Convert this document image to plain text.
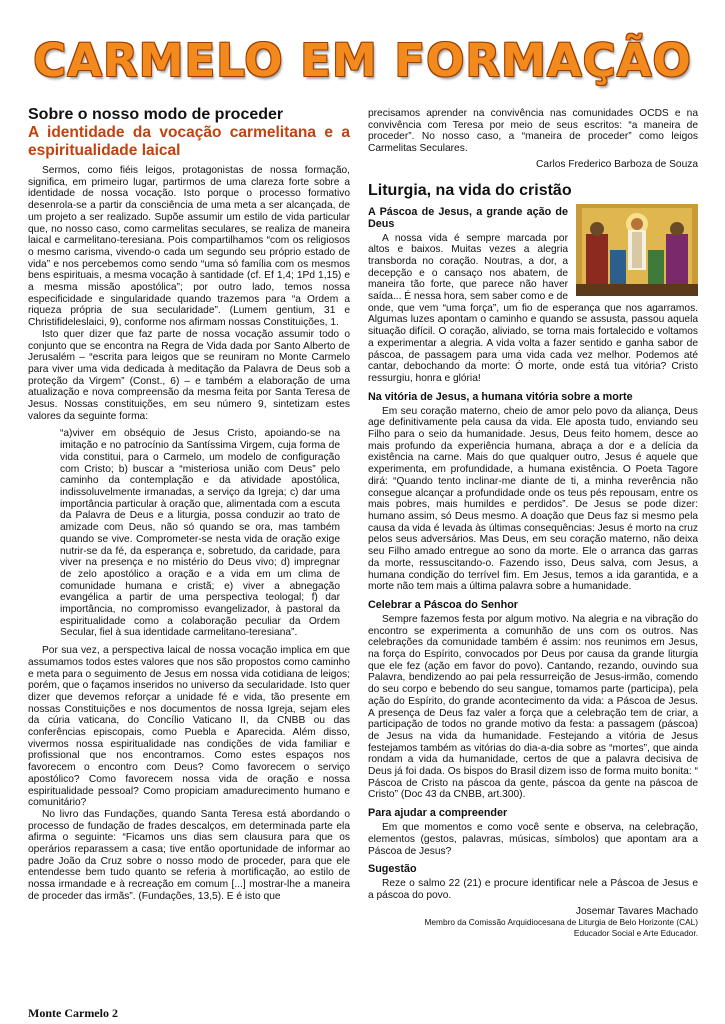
CARMELO EM FORMAÇÃO
Sobre o nosso modo de proceder
A identidade da vocação carmelitana e a espiritualidade laical

Sermos, como fiéis leigos, protagonistas de nossa formação, significa, em primeiro lugar, partirmos de uma clareza forte sobre a identidade de nossa vocação. Isto porque o processo formativo desenrola-se a partir da consciência de uma meta a ser alcançada, de um projeto a ser realizado. Supõe assumir um estilo de vida particular que, no nosso caso, como carmelitas seculares, se realiza de maneira laical e carmelitano-teresiana. Pois compartilhamos “com os religiosos o mesmo carisma, vivendo-o cada um segundo seu próprio estado de vida” e nos percebemos como sendo “uma só família com os mesmos bens espirituais, a mesma vocação à santidade (cf. Ef 1,4; 1Pd 1,15) e a mesma missão apostólica”; por outro lado, temos nossa especificidade e singularidade quando trazemos para “a Ordem a riqueza própria de sua secularidade”. (Lumem gentium, 31 e Christifideleslaici, 9), conforme nos afirmam nossas Constituições, 1.

Isto quer dizer que faz parte de nossa vocação assumir todo o conjunto que se encontra na Regra de Vida dada por Santo Alberto de Jerusalém – “escrita para leigos que se reuniram no Monte Carmelo para viver uma vida dedicada à meditação da Palavra de Deus sob a proteção da Virgem” (Const., 6) – e também a elaboração de uma atualização e nova compreensão da mesma feita por Santa Teresa de Jesus. Nossas constituições, em seu número 9, sintetizam estes valores da seguinte forma:

“a)viver em obséquio de Jesus Cristo, apoiando-se na imitação e no patrocínio da Santíssima Virgem, cuja forma de vida constitui, para o Carmelo, um modelo de configuração com Cristo; b) buscar a “misteriosa união com Deus” pelo caminho da contemplação e da atividade apostólica, indissoluvelmente irmanadas, a serviço da Igreja; c) dar uma importância particular à oração que, alimentada com a escuta da Palavra de Deus e a liturgia, possa conduzir ao trato de amizade com Deus, não só quando se ora, mas também quando se vive. Comprometer-se nesta vida de oração exige nutrir-se da fé, da esperança e, sobretudo, da caridade, para viver na presença e no mistério do Deus vivo; d) impregnar de zelo apostólico a oração e a vida em um clima de comunidade humana e cristã; e) viver a abnegação evangélica a partir de uma perspectiva teologal; f) dar importância, no compromisso evangelizador, à pastoral da espiritualidade como a colaboração peculiar da Ordem Secular, fiel à sua identidade carmelitano-teresiana”.

Por sua vez, a perspectiva laical de nossa vocação implica em que assumamos todos estes valores que nos são propostos como caminho e meta para o seguimento de Jesus em nossa vida cotidiana de leigos; porém, que o façamos inseridos no universo da secularidade. Isto quer dizer que devemos reforçar a unidade fé e vida, tão presente em nossas Constituições e nos documentos de nossa Igreja, sejam eles da cúria vaticana, do Concílio Vaticano II, da CNBB ou das conferências episcopais, como Puebla e Aparecida. Além disso, vivermos nossa espiritualidade nas condições de vida familiar e profissional que nos encontramos. Como estes espaços nos favorecem o encontro com Deus? Como favorecem o serviço apostólico? Como favorecem nossa vida de oração e nossa espiritualidade pessoal? Como propiciam amadurecimento humano e comunitário?

No livro das Fundações, quando Santa Teresa está abordando o processo de fundação de frades descalços, em determinada parte ela afirma o seguinte: “Ficamos uns dias sem clausura para que os operários reparassem a casa; tive então oportunidade de informar ao padre João da Cruz sobre o nosso modo de proceder, para que ele entendesse bem tudo quanto se referia à mortificação, ao estilo de nossa irmandade e à recreação em comum [...] mostrar-lhe a maneira de proceder das irmãs”. (Fundações, 13,5). E é isto que

precisamos aprender na convivência nas comunidades OCDS e na convivência com Teresa por meio de seus escritos: “a maneira de proceder”. No nosso caso, a “maneira de proceder” como leigos Carmelitas Seculares.

Carlos Frederico Barboza de Souza

Liturgia, na vida do cristão
A Páscoa de Jesus, a grande ação de Deus

A nossa vida é sempre marcada por altos e baixos. Muitas vezes a alegria transborda no coração. Noutras, a dor, a decepção e o cansaço nos abatem, de maneira tão forte, que parece não haver saída... É nessa hora, sem saber como e de onde, que vem “uma força”, um fio de esperança que nos agarramos. Algumas luzes apontam o caminho e quando se assusta, passou aquela situação difícil. O coração, aliviado, se torna mais fortalecido e voltamos a experimentar a alegria. A vida volta a fazer sentido e ganha sabor de páscoa, de passagem para uma vida cada vez melhor. Podemos até cantar, debochando da morte: Ó morte, onde está tua vitória? Cristo ressurgiu, honra e glória!

Na vitória de Jesus, a humana vitória sobre a morte

Em seu coração materno, cheio de amor pelo povo da aliança, Deus age definitivamente pela causa da vida. Ele aposta tudo, enviando seu Filho para o seio da humanidade. Jesus, Deus feito homem, desce ao mais profundo da experiência humana, abraça a dor e a delícia da existência na carne. Mais do que qualquer outro, Jesus é aquele que experimenta, em profundidade, a humana existência. O Poeta Tagore dirá: “Quando tento inclinar-me diante de ti, a minha reverência não consegue alcançar a profundidade onde os teus pés repousam, entre os mais pobres, mais humildes e perdidos”. De Jesus se pode dizer: humano assim, só Deus mesmo. A doação que Deus faz si mesmo pela causa da vida é levada às últimas consequências: Jesus é morto na cruz pelos seus adversários. Mas Deus, em seu coração materno, não deixa seu Filho amado entregue ao sono da morte. Ele o arranca das garras da morte, ressuscitando-o. Fazendo isso, Deus salva, com Jesus, a humana condição do terrível fim. Em Jesus, temos a ida garantida, e a morte não tem mais a última palavra sobre a humanidade.

Celebrar a Páscoa do Senhor

Sempre fazemos festa por algum motivo. Na alegria e na vibração do encontro se experimenta a comunhão de uns com os outros. Nas celebrações da comunidade também é assim: nos reunimos em Jesus, na força do Espírito, convocados por Deus por causa da grande liturgia que ele fez (ação em favor do povo). Cantando, rezando, ouvindo sua Palavra, bendizendo ao pai pela ressurreição de Jesus-irmão, comendo do seu corpo e bebendo do seu sangue, tomamos parte (participa), pela ação do Espírito, do grande acontecimento da vida: a Páscoa de Jesus. A presença de Deus faz valer a força que a celebração tem de criar, a participação de todos no grande motivo da festa: a passagem (páscoa) de Jesus na vida da humanidade. Festejando a vitória de Jesus festejamos também as vitórias do dia-a-dia sobre as “mortes”, que ainda rondam a vida da humanidade, certos de que a palavra decisiva de Deus já foi dada. Os bispos do Brasil dizem isso de forma muito bonita: “ Páscoa de Cristo na páscoa da gente, páscoa da gente na páscoa de Cristo” (Doc 43 da CNBB, art.300).

Para ajudar a compreender

Em que momentos e como você sente e observa, na celebração, elementos (gestos, palavras, músicas, símbolos) que apontam ara a Páscoa de Jesus?

Sugestão

Reze o salmo 22 (21) e procure identificar nele a Páscoa de Jesus e a páscoa do povo.

Josemar Tavares Machado

Membro da Comissão Arquidiocesana de Liturgia de Belo Horizonte (CAL)

Educador Social e Arte Educador.

Monte Carmelo 2
